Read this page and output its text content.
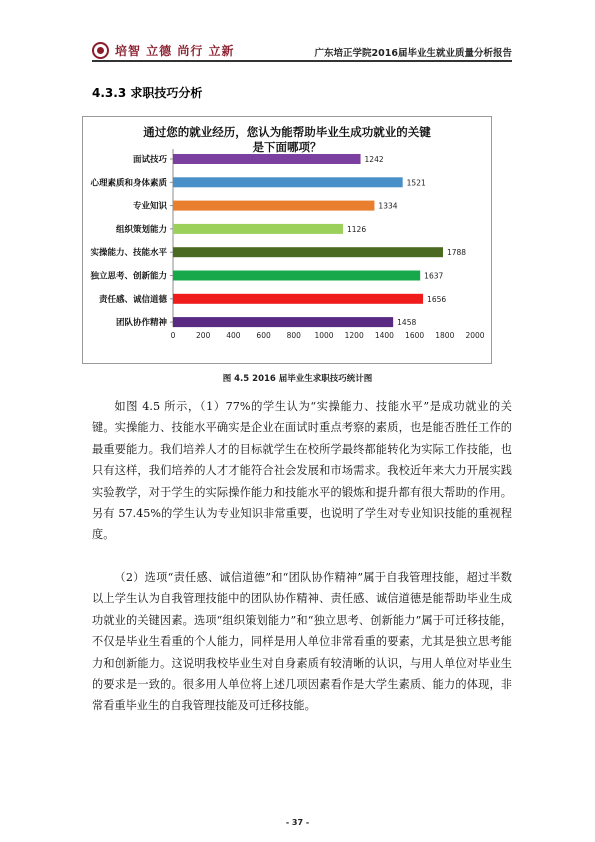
培智 立德 尚行 立新	广东培正学院2016届毕业生就业质量分析报告
4.3.3 求职技巧分析
通过您的就业经历，您认为能帮助毕业生成功就业的关键
是下面哪项？
面试技巧	1242
心理素质和身体素质	1521
专业知识	1334
组织策划能力	1126
实操能力、技能水平	1788
独立思考、创新能力	1637
责任感、诚信道德	1656
团队协作精神	1458
0	200 400 600 800 1000 1200 1400 1600 1800 2000
图 4.5 2016 届毕业生求职技巧统计图

如图 4.5 所示，（1）77%的学生认为“实操能力、技能水平”是成功就业的关键。实操能力、技能水平确实是企业在面试时重点考察的素质，也是能否胜任工作的最重要能力。我们培养人才的目标就学生在校所学最终都能转化为实际工作技能，也只有这样，我们培养的人才才能符合社会发展和市场需求。我校近年来大力开展实践实验教学，对于学生的实际操作能力和技能水平的锻炼和提升都有很大帮助的作用。另有 57.45%的学生认为专业知识非常重要，也说明了学生对专业知识技能的重视程度。

（2）选项“责任感、诚信道德”和“团队协作精神”属于自我管理技能，超过半数以上学生认为自我管理技能中的团队协作精神、责任感、诚信道德是能帮助毕业生成功就业的关键因素。选项“组织策划能力”和“独立思考、创新能力”属于可迁移技能，不仅是毕业生看重的个人能力，同样是用人单位非常看重的要素，尤其是独立思考能力和创新能力。这说明我校毕业生对自身素质有较清晰的认识，与用人单位对毕业生的要求是一致的。很多用人单位将上述几项因素看作是大学生素质、能力的体现，非常看重毕业生的自我管理技能及可迁移技能。

- 37 -
